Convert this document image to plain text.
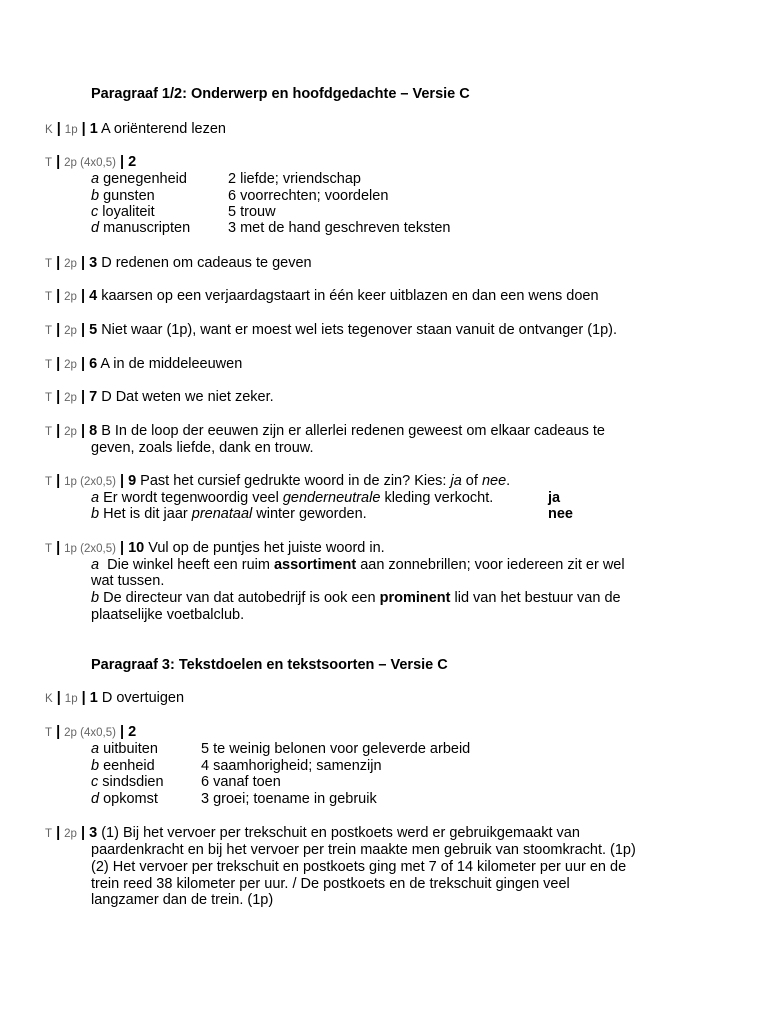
Paragraaf 1/2: Onderwerp en hoofdgedachte – Versie C
K | 1p | 1 A oriënterend lezen
T | 2p (4x0,5) | 2
a genegenheid	2 liefde; vriendschap
b gunsten	6 voorrechten; voordelen
c loyaliteit	5 trouw
d manuscripten	3 met de hand geschreven teksten
T | 2p | 3 D redenen om cadeaus te geven
T | 2p | 4 kaarsen op een verjaardagstaart in één keer uitblazen en dan een wens doen
T | 2p | 5 Niet waar (1p), want er moest wel iets tegenover staan vanuit de ontvanger (1p).
T | 2p | 6 A in de middeleeuwen
T | 2p | 7 D Dat weten we niet zeker.
T | 2p | 8 B In de loop der eeuwen zijn er allerlei redenen geweest om elkaar cadeaus te
geven, zoals liefde, dank en trouw.
T | 1p (2x0,5) | 9 Past het cursief gedrukte woord in de zin? Kies: ja of nee.
a Er wordt tegenwoordig veel genderneutrale kleding verkocht.	ja
b Het is dit jaar prenataal winter geworden.	nee
T | 1p (2x0,5) | 10 Vul op de puntjes het juiste woord in.
a Die winkel heeft een ruim assortiment aan zonnebrillen; voor iedereen zit er wel
wat tussen.
b De directeur van dat autobedrijf is ook een prominent lid van het bestuur van de
plaatselijke voetbalclub.
Paragraaf 3: Tekstdoelen en tekstsoorten – Versie C
K | 1p | 1 D overtuigen
T | 2p (4x0,5) | 2
a uitbuiten	5 te weinig belonen voor geleverde arbeid
b eenheid	4 saamhorigheid; samenzijn
c sindsdien	6 vanaf toen
d opkomst	3 groei; toename in gebruik
T | 2p | 3 (1) Bij het vervoer per trekschuit en postkoets werd er gebruikgemaakt van
paardenkracht en bij het vervoer per trein maakte men gebruik van stoomkracht. (1p)
(2) Het vervoer per trekschuit en postkoets ging met 7 of 14 kilometer per uur en de
trein reed 38 kilometer per uur. / De postkoets en de trekschuit gingen veel
langzamer dan de trein. (1p)
